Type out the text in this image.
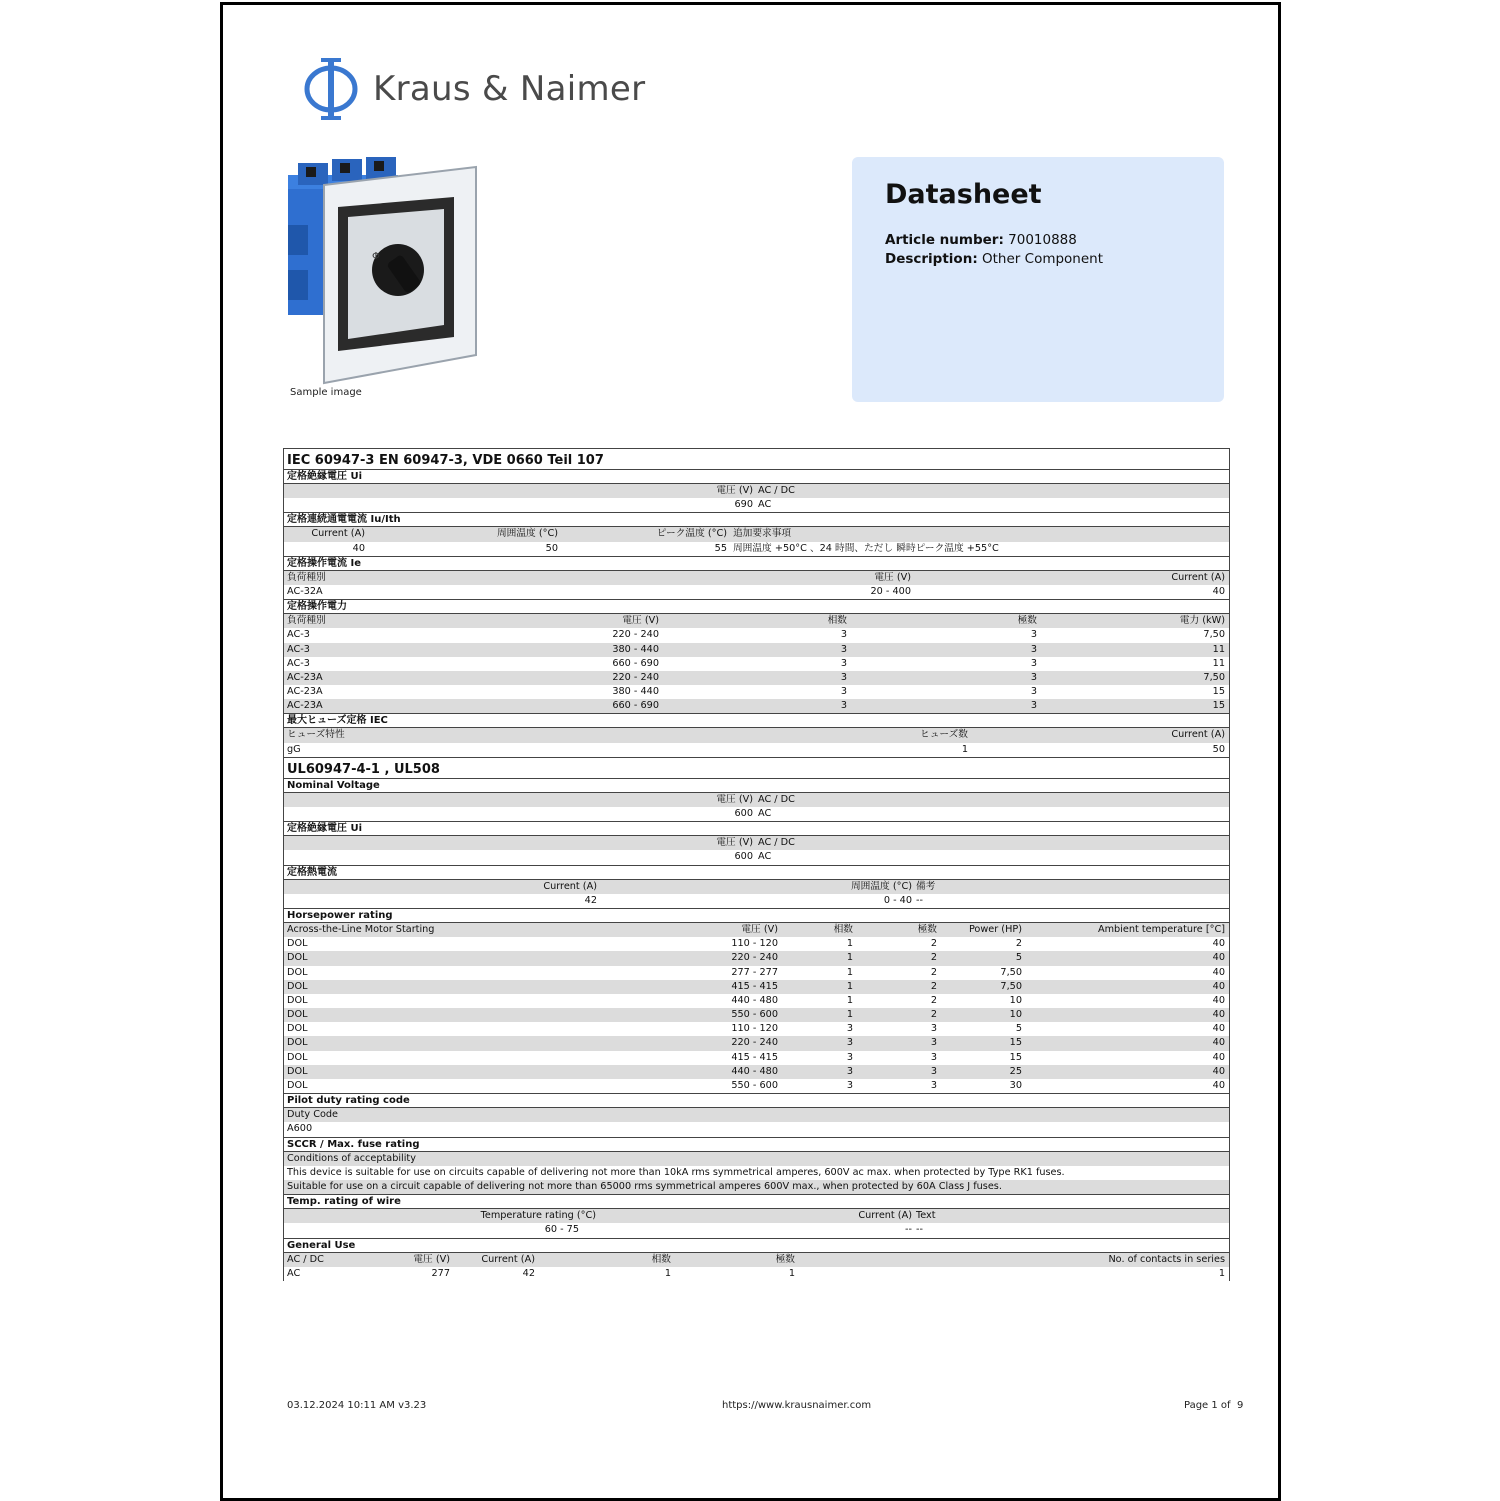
Kraus & Naimer
Φ
Sample image
Datasheet
Article number: 70010888
Description: Other Component
IEC 60947-3 EN 60947-3, VDE 0660 Teil 107
定格絶縁電圧 Ui
電圧 (V) AC / DC
690 AC
定格連続通電電流 Iu/Ith
Current (A)	周囲温度 (°C)	ピーク温度 (°C) 追加要求事項
40	50	55 周囲温度 +50°C 、24 時間、ただし 瞬時ピーク温度 +55°C
定格操作電流 Ie
負荷種別	電圧 (V)	Current (A)
AC-32A	20 - 400	40
定格操作電力
負荷種別	電圧 (V)	相数	極数	電力 (kW)
AC-3	220 - 240	3	3	7,50
AC-3	380 - 440	3	3	11
AC-3	660 - 690	3	3	11
AC-23A	220 - 240	3	3	7,50
AC-23A	380 - 440	3	3	15
AC-23A	660 - 690	3	3	15
最大ヒューズ定格 IEC
ヒューズ特性	ヒューズ数	Current (A)
gG	1	50
UL60947-4-1 , UL508
Nominal Voltage
電圧 (V) AC / DC
600 AC
定格絶縁電圧 Ui
電圧 (V) AC / DC
600 AC
定格熱電流
Current (A)	周囲温度 (°C) 備考
42	0 - 40 --
Horsepower rating
Across-the-Line Motor Starting	電圧 (V)	相数	極数	Power (HP)	Ambient temperature [°C]
DOL	110 - 120	1	2	2	40
DOL	220 - 240	1	2	5	40
DOL	277 - 277	1	2	7,50	40
DOL	415 - 415	1	2	7,50	40
DOL	440 - 480	1	2	10	40
DOL	550 - 600	1	2	10	40
DOL	110 - 120	3	3	5	40
DOL	220 - 240	3	3	15	40
DOL	415 - 415	3	3	15	40
DOL	440 - 480	3	3	25	40
DOL	550 - 600	3	3	30	40
Pilot duty rating code
Duty Code
A600
SCCR / Max. fuse rating
Conditions of acceptability
This device is suitable for use on circuits capable of delivering not more than 10kA rms symmetrical amperes, 600V ac max. when protected by Type RK1 fuses.
Suitable for use on a circuit capable of delivering not more than 65000 rms symmetrical amperes 600V max., when protected by 60A Class J fuses.
Temp. rating of wire
Temperature rating (°C)	Current (A) Text
60 - 75	-- --
General Use
AC / DC	電圧 (V)	Current (A)	相数	極数	No. of contacts in series
AC	277	42	1	1	1
03.12.2024 10:11 AM v3.23	https://www.krausnaimer.com	Page 1 of 9
